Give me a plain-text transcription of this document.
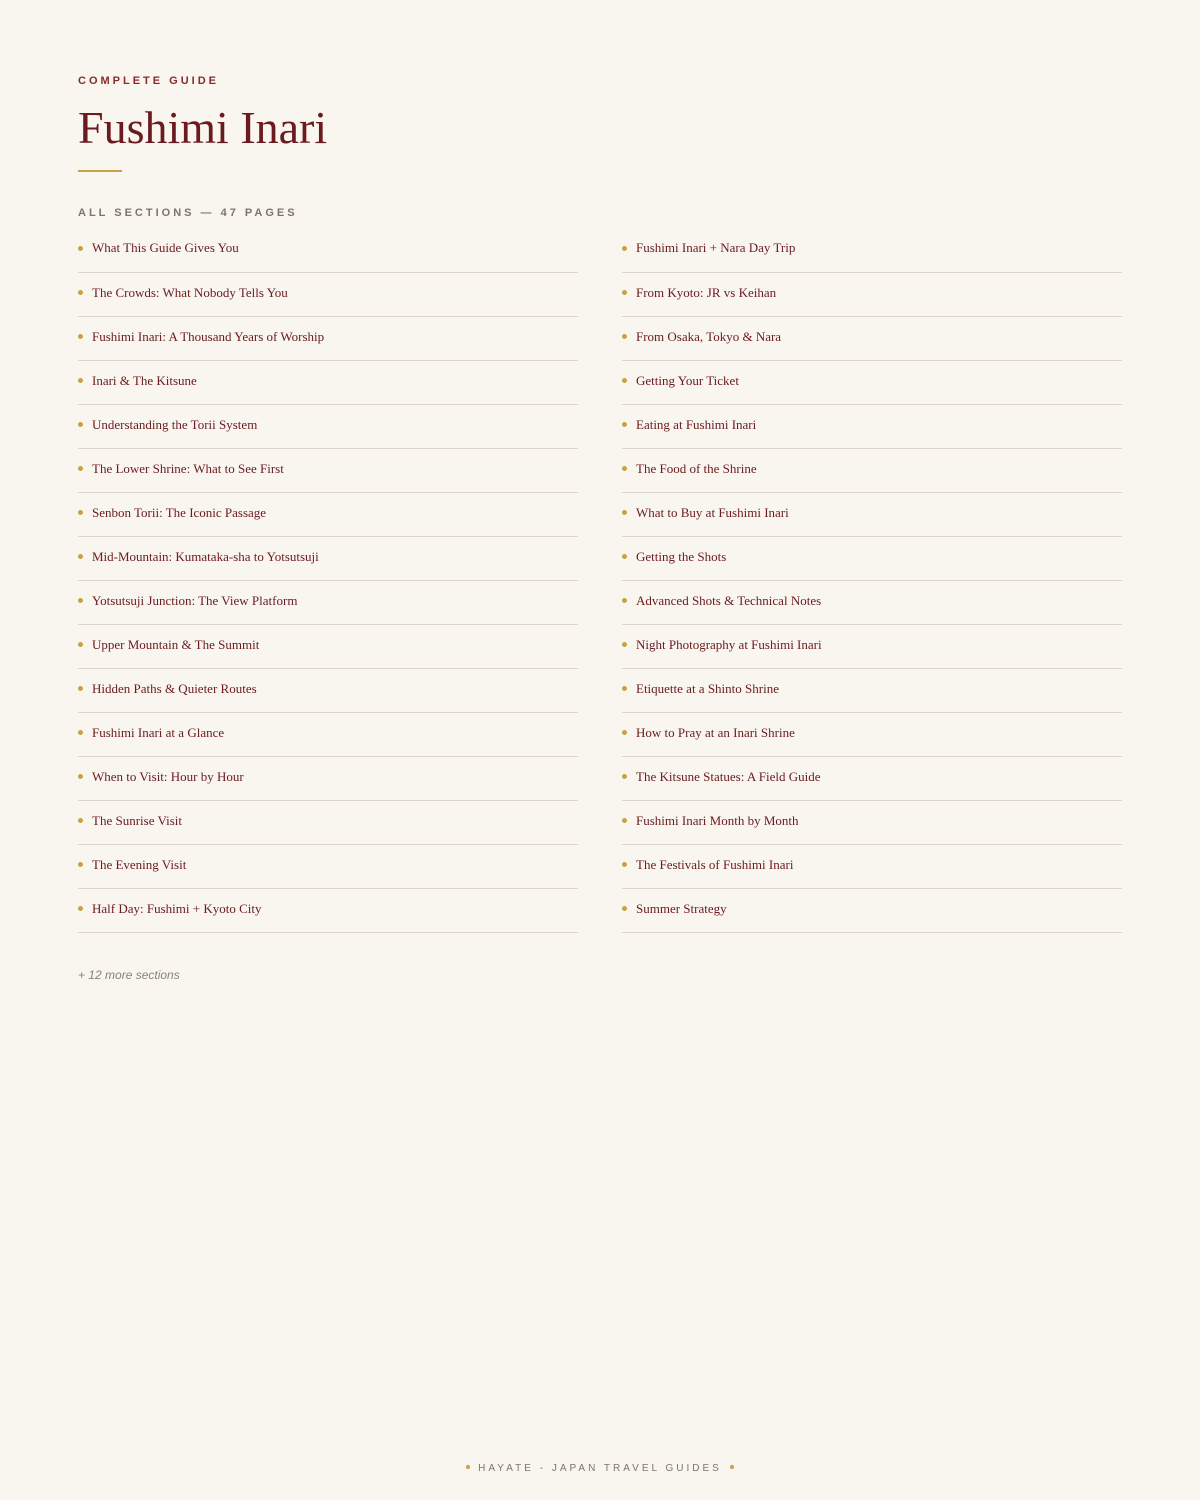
COMPLETE GUIDE
Fushimi Inari
ALL SECTIONS — 47 PAGES
What This Guide Gives You
The Crowds: What Nobody Tells You
Fushimi Inari: A Thousand Years of Worship
Inari & The Kitsune
Understanding the Torii System
The Lower Shrine: What to See First
Senbon Torii: The Iconic Passage
Mid-Mountain: Kumataka-sha to Yotsutsuji
Yotsutsuji Junction: The View Platform
Upper Mountain & The Summit
Hidden Paths & Quieter Routes
Fushimi Inari at a Glance
When to Visit: Hour by Hour
The Sunrise Visit
The Evening Visit
Half Day: Fushimi + Kyoto City
Fushimi Inari + Nara Day Trip
From Kyoto: JR vs Keihan
From Osaka, Tokyo & Nara
Getting Your Ticket
Eating at Fushimi Inari
The Food of the Shrine
What to Buy at Fushimi Inari
Getting the Shots
Advanced Shots & Technical Notes
Night Photography at Fushimi Inari
Etiquette at a Shinto Shrine
How to Pray at an Inari Shrine
The Kitsune Statues: A Field Guide
Fushimi Inari Month by Month
The Festivals of Fushimi Inari
Summer Strategy
+ 12 more sections
HAYATE - JAPAN TRAVEL GUIDES
